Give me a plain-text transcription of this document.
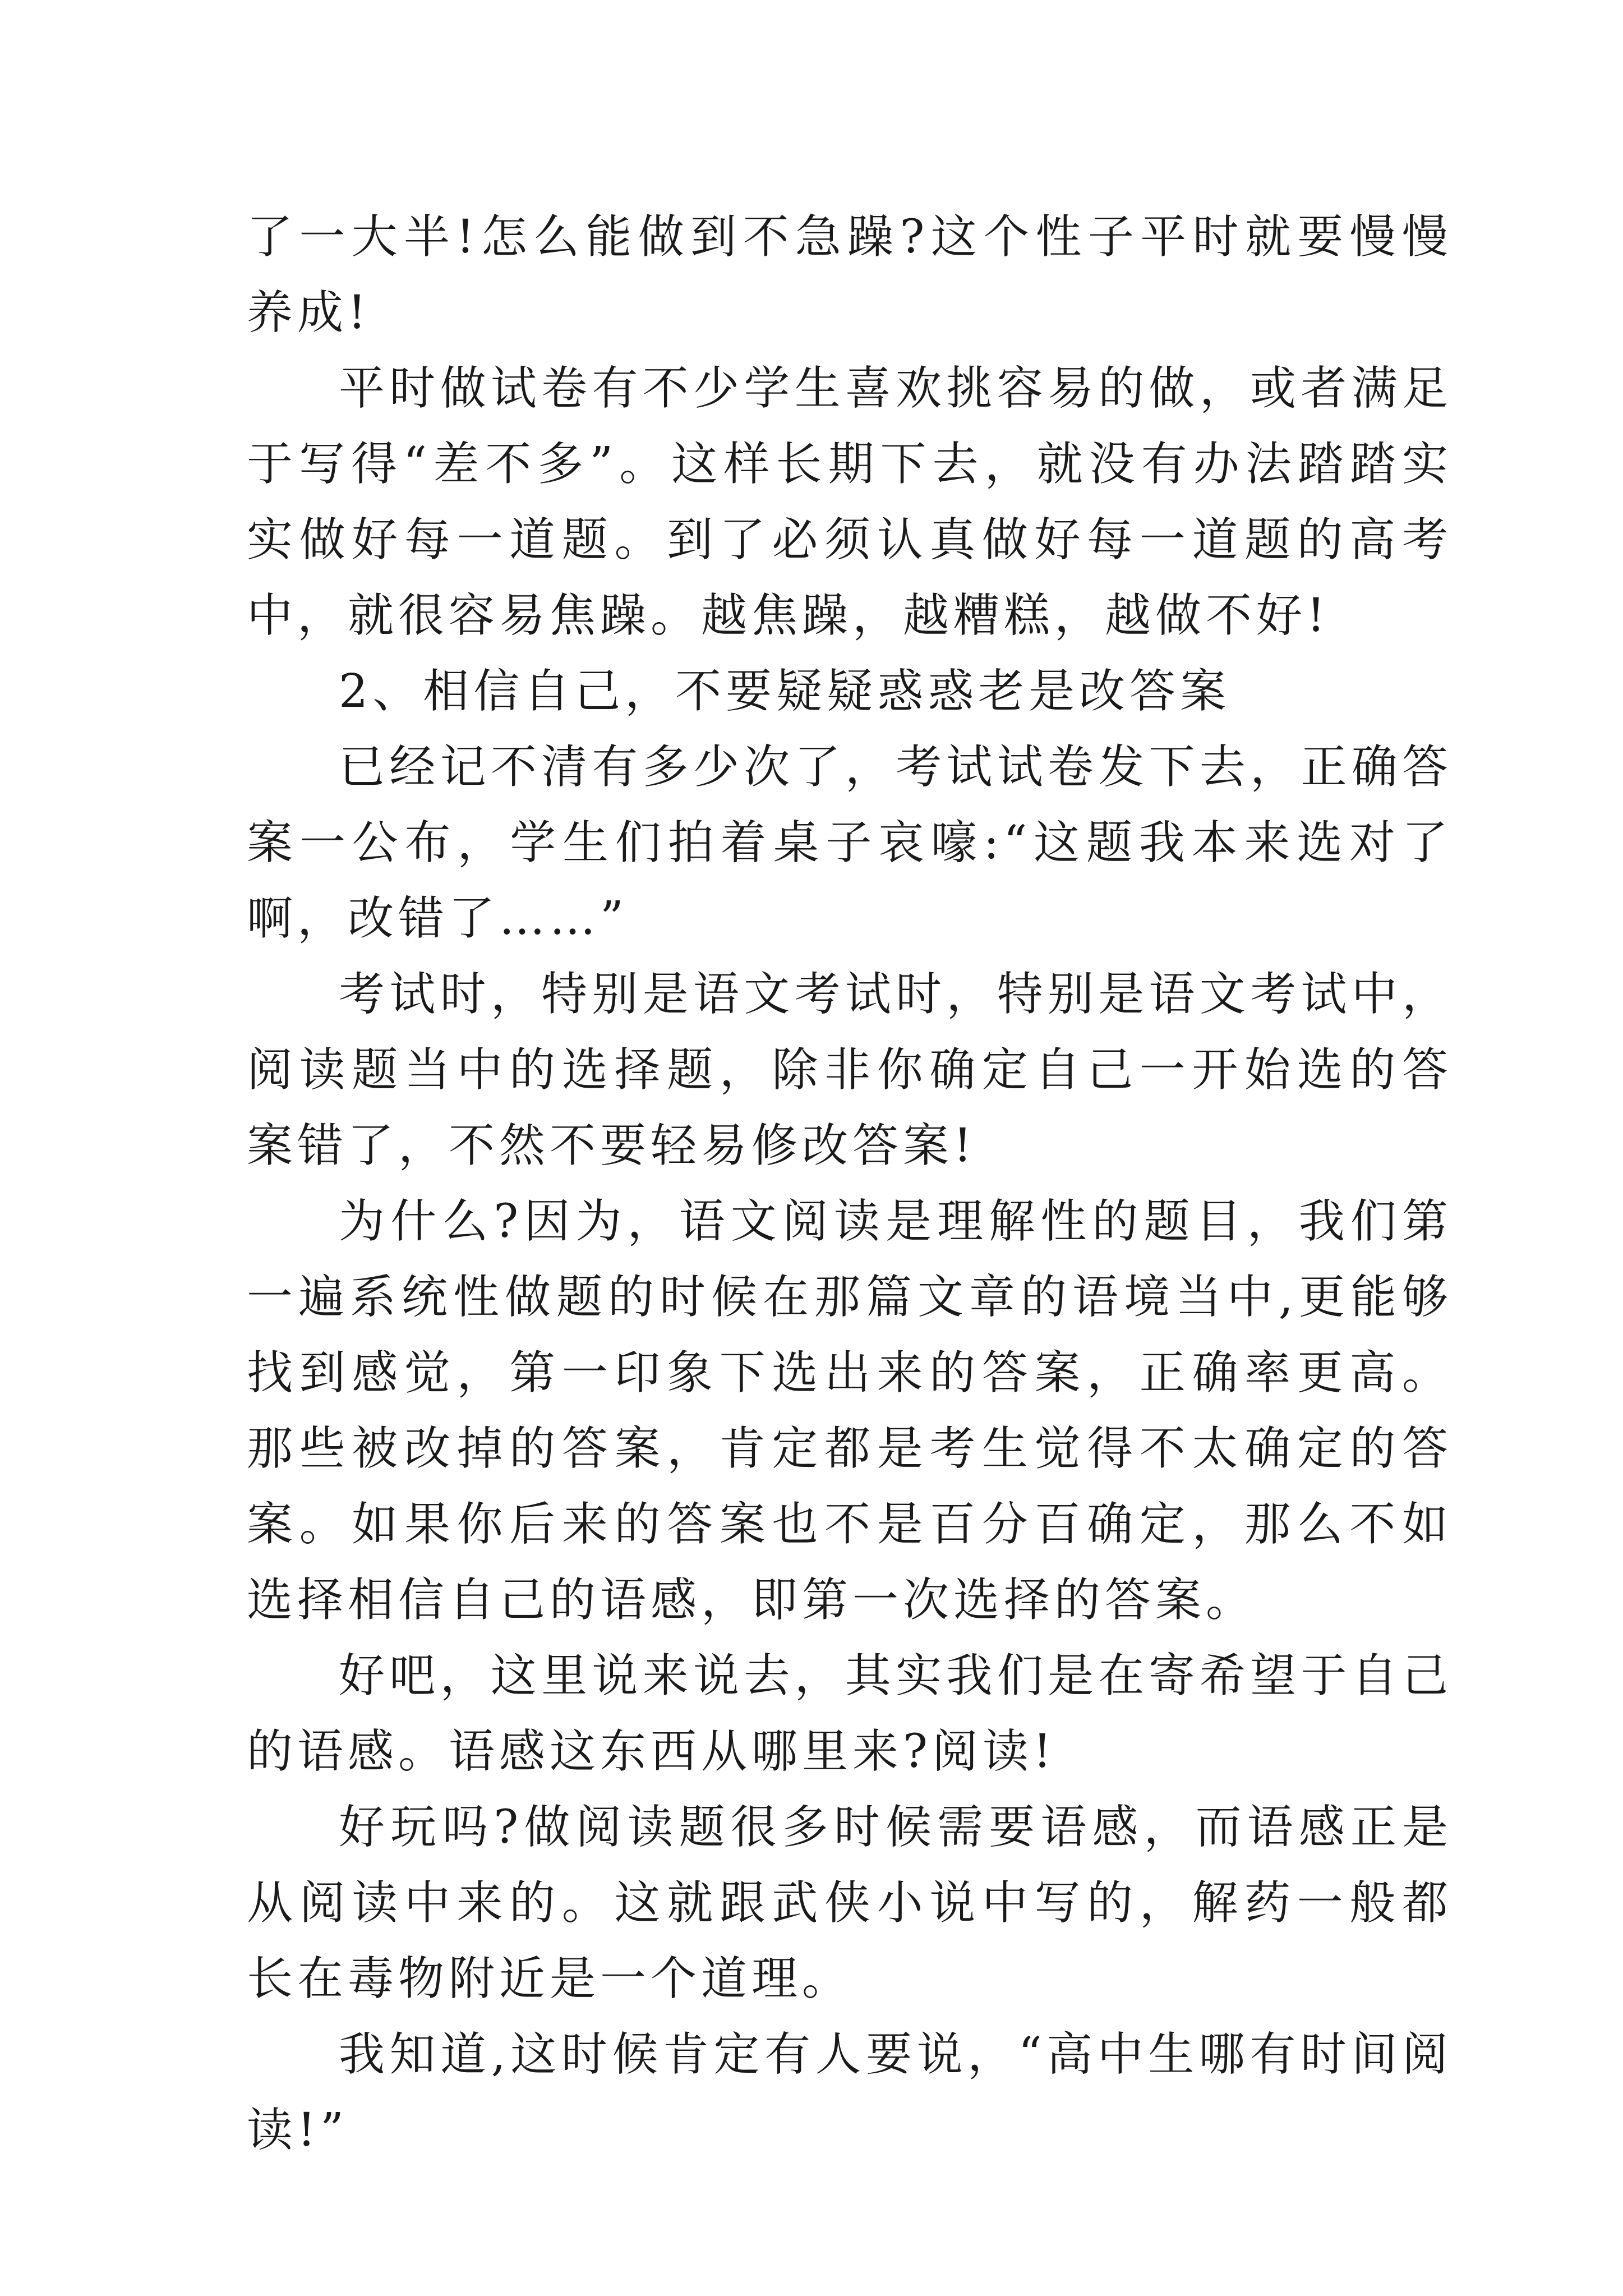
了一大半!怎么能做到不急躁?这个性子平时就要慢慢养成!

平时做试卷有不少学生喜欢挑容易的做，或者满足于写得“差不多”。这样长期下去，就没有办法踏踏实实做好每一道题。到了必须认真做好每一道题的高考中，就很容易焦躁。越焦躁，越糟糕，越做不好!

2、相信自己，不要疑疑惑惑老是改答案

已经记不清有多少次了，考试试卷发下去，正确答案一公布，学生们拍着桌子哀嚎:“这题我本来选对了啊，改错了……”

考试时，特别是语文考试时，特别是语文考试中，阅读题当中的选择题，除非你确定自己一开始选的答案错了，不然不要轻易修改答案!

为什么?因为，语文阅读是理解性的题目，我们第一遍系统性做题的时候在那篇文章的语境当中,更能够找到感觉，第一印象下选出来的答案，正确率更高。那些被改掉的答案，肯定都是考生觉得不太确定的答案。如果你后来的答案也不是百分百确定，那么不如选择相信自己的语感，即第一次选择的答案。

好吧，这里说来说去，其实我们是在寄希望于自己的语感。语感这东西从哪里来?阅读!

好玩吗?做阅读题很多时候需要语感，而语感正是从阅读中来的。这就跟武侠小说中写的，解药一般都长在毒物附近是一个道理。

我知道,这时候肯定有人要说，“高中生哪有时间阅读!”
